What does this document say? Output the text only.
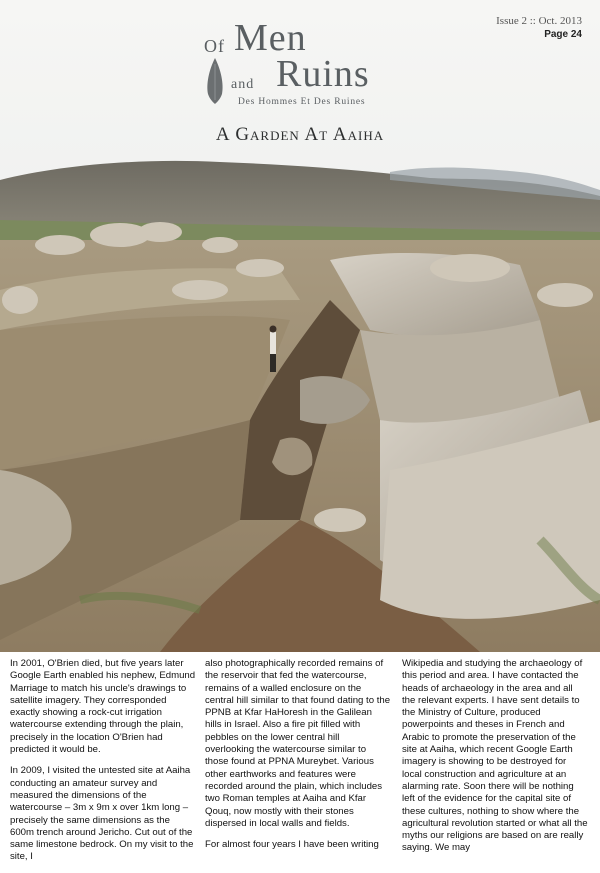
Issue 2 :: Oct. 2013
Page 24
Of Men
and Ruins
Des Hommes Et Des Ruines
A Garden At Aaiha

In 2001, O'Brien died, but five years later Google Earth enabled his nephew, Edmund Marriage to match his uncle's drawings to satellite imagery. They corresponded exactly showing a rock-cut irrigation watercourse extending through the plain, precisely in the location O'Brien had predicted it would be.

In 2009, I visited the untested site at Aaiha conducting an amateur survey and measured the dimensions of the watercourse – 3m x 9m x over 1km long – precisely the same dimensions as the 600m trench around Jericho. Cut out of the same limestone bedrock. On my visit to the site, I

also photographically recorded remains of the reservoir that fed the watercourse, remains of a walled enclosure on the central hill similar to that found dating to the PPNB at Kfar HaHoresh in the Galilean hills in Israel. Also a fire pit filled with pebbles on the lower central hill overlooking the watercourse similar to those found at PPNA Mureybet. Various other earthworks and features were recorded around the plain, which includes two Roman temples at Aaiha and Kfar Qouq, now mostly with their stones dispersed in local walls and fields.

For almost four years I have been writing

Wikipedia and studying the archaeology of this period and area. I have contacted the heads of archaeology in the area and all the relevant experts. I have sent details to the Ministry of Culture, produced powerpoints and theses in French and Arabic to promote the preservation of the site at Aaiha, which recent Google Earth imagery is showing to be destroyed for local construction and agriculture at an alarming rate. Soon there will be nothing left of the evidence for the capital site of these cultures, nothing to show where the agricultural revolution started or what all the myths our religions are based on are really saying. We may
